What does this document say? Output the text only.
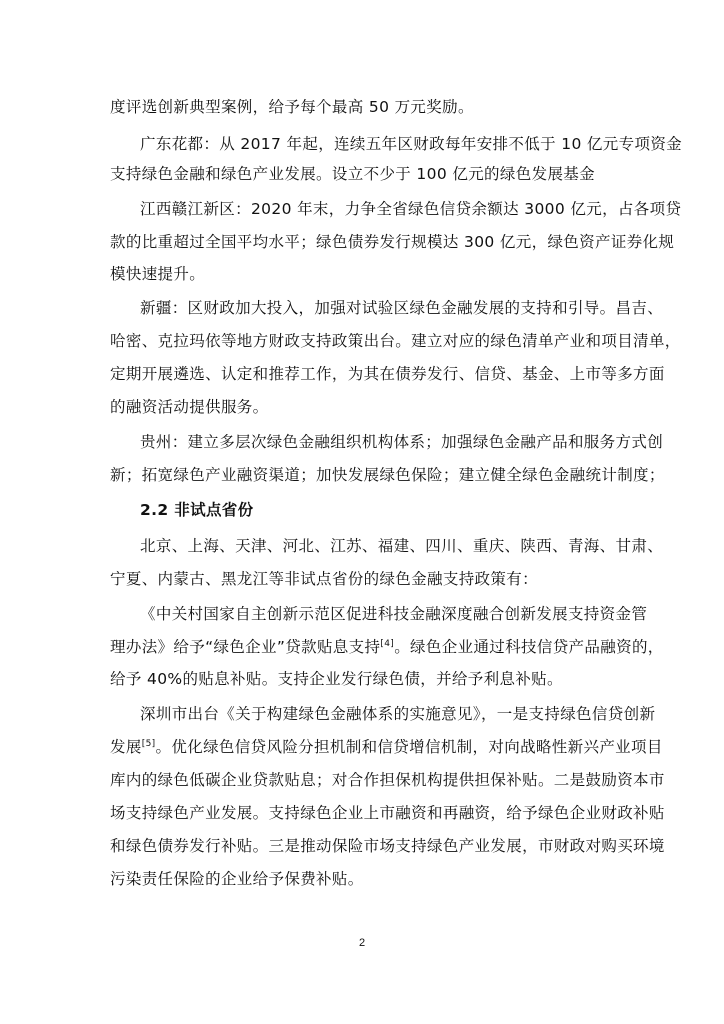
度评选创新典型案例，给予每个最高 50 万元奖励。
广东花都：从 2017 年起，连续五年区财政每年安排不低于 10 亿元专项资金
支持绿色金融和绿色产业发展。设立不少于 100 亿元的绿色发展基金
江西赣江新区：2020 年末，力争全省绿色信贷余额达 3000 亿元，占各项贷
款的比重超过全国平均水平；绿色债券发行规模达 300 亿元，绿色资产证券化规
模快速提升。
新疆：区财政加大投入，加强对试验区绿色金融发展的支持和引导。昌吉、
哈密、克拉玛依等地方财政支持政策出台。建立对应的绿色清单产业和项目清单，
定期开展遴选、认定和推荐工作，为其在债券发行、信贷、基金、上市等多方面
的融资活动提供服务。
贵州：建立多层次绿色金融组织机构体系；加强绿色金融产品和服务方式创
新；拓宽绿色产业融资渠道；加快发展绿色保险；建立健全绿色金融统计制度；
2.2 非试点省份
北京、上海、天津、河北、江苏、福建、四川、重庆、陕西、青海、甘肃、
宁夏、内蒙古、黑龙江等非试点省份的绿色金融支持政策有：
《中关村国家自主创新示范区促进科技金融深度融合创新发展支持资金管
理办法》给予“绿色企业”贷款贴息支持[4]。绿色企业通过科技信贷产品融资的，
给予 40%的贴息补贴。支持企业发行绿色债，并给予利息补贴。
深圳市出台《关于构建绿色金融体系的实施意见》，一是支持绿色信贷创新
发展[5]。优化绿色信贷风险分担机制和信贷增信机制，对向战略性新兴产业项目
库内的绿色低碳企业贷款贴息；对合作担保机构提供担保补贴。二是鼓励资本市
场支持绿色产业发展。支持绿色企业上市融资和再融资，给予绿色企业财政补贴
和绿色债券发行补贴。三是推动保险市场支持绿色产业发展，市财政对购买环境
污染责任保险的企业给予保费补贴。
2
